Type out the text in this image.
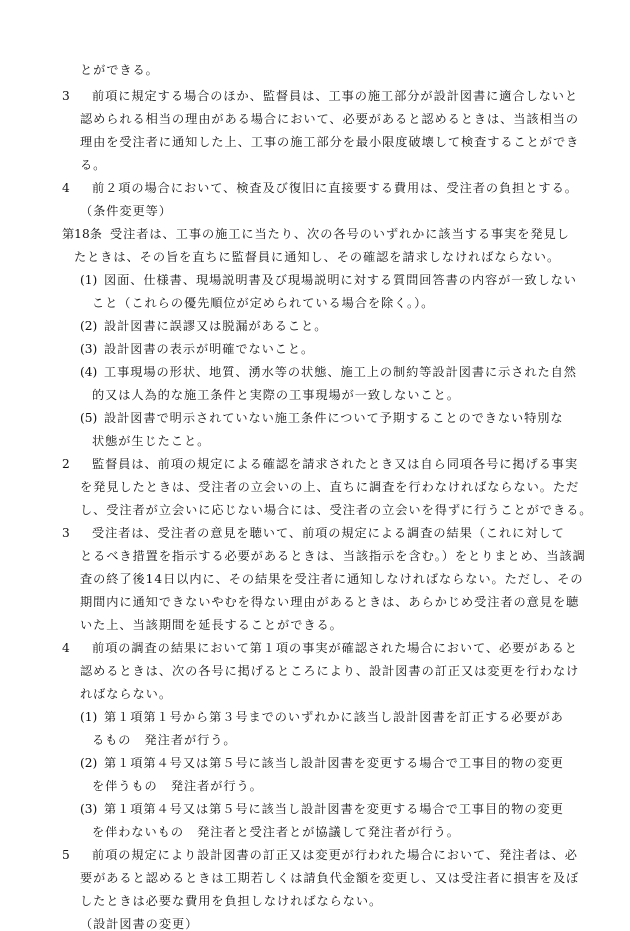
とができる。
3 前項に規定する場合のほか、監督員は、工事の施工部分が設計図書に適合しないと
認められる相当の理由がある場合において、必要があると認めるときは、当該相当の
理由を受注者に通知した上、工事の施工部分を最小限度破壊して検査することができ
る。
4 前２項の場合において、検査及び復旧に直接要する費用は、受注者の負担とする。
（条件変更等）
第18条 受注者は、工事の施工に当たり、次の各号のいずれかに該当する事実を発見し
たときは、その旨を直ちに監督員に通知し、その確認を請求しなければならない。
(1) 図面、仕様書、現場説明書及び現場説明に対する質問回答書の内容が一致しない
こと（これらの優先順位が定められている場合を除く。）。
(2) 設計図書に誤謬又は脱漏があること。
(3) 設計図書の表示が明確でないこと。
(4) 工事現場の形状、地質、湧水等の状態、施工上の制約等設計図書に示された自然
的又は人為的な施工条件と実際の工事現場が一致しないこと。
(5) 設計図書で明示されていない施工条件について予期することのできない特別な
状態が生じたこと。
2 監督員は、前項の規定による確認を請求されたとき又は自ら同項各号に掲げる事実
を発見したときは、受注者の立会いの上、直ちに調査を行わなければならない。ただ
し、受注者が立会いに応じない場合には、受注者の立会いを得ずに行うことができる。
3 受注者は、受注者の意見を聴いて、前項の規定による調査の結果（これに対して
とるべき措置を指示する必要があるときは、当該指示を含む。）をとりまとめ、当該調
査の終了後14日以内に、その結果を受注者に通知しなければならない。ただし、その
期間内に通知できないやむを得ない理由があるときは、あらかじめ受注者の意見を聴
いた上、当該期間を延長することができる。
4 前項の調査の結果において第１項の事実が確認された場合において、必要があると
認めるときは、次の各号に掲げるところにより、設計図書の訂正又は変更を行わなけ
ればならない。
(1) 第１項第１号から第３号までのいずれかに該当し設計図書を訂正する必要があ
るもの　発注者が行う。
(2) 第１項第４号又は第５号に該当し設計図書を変更する場合で工事目的物の変更
を伴うもの　発注者が行う。
(3) 第１項第４号又は第５号に該当し設計図書を変更する場合で工事目的物の変更
を伴わないもの　発注者と受注者とが協議して発注者が行う。
5 前項の規定により設計図書の訂正又は変更が行われた場合において、発注者は、必
要があると認めるときは工期若しくは請負代金額を変更し、又は受注者に損害を及ぼ
したときは必要な費用を負担しなければならない。
（設計図書の変更）
